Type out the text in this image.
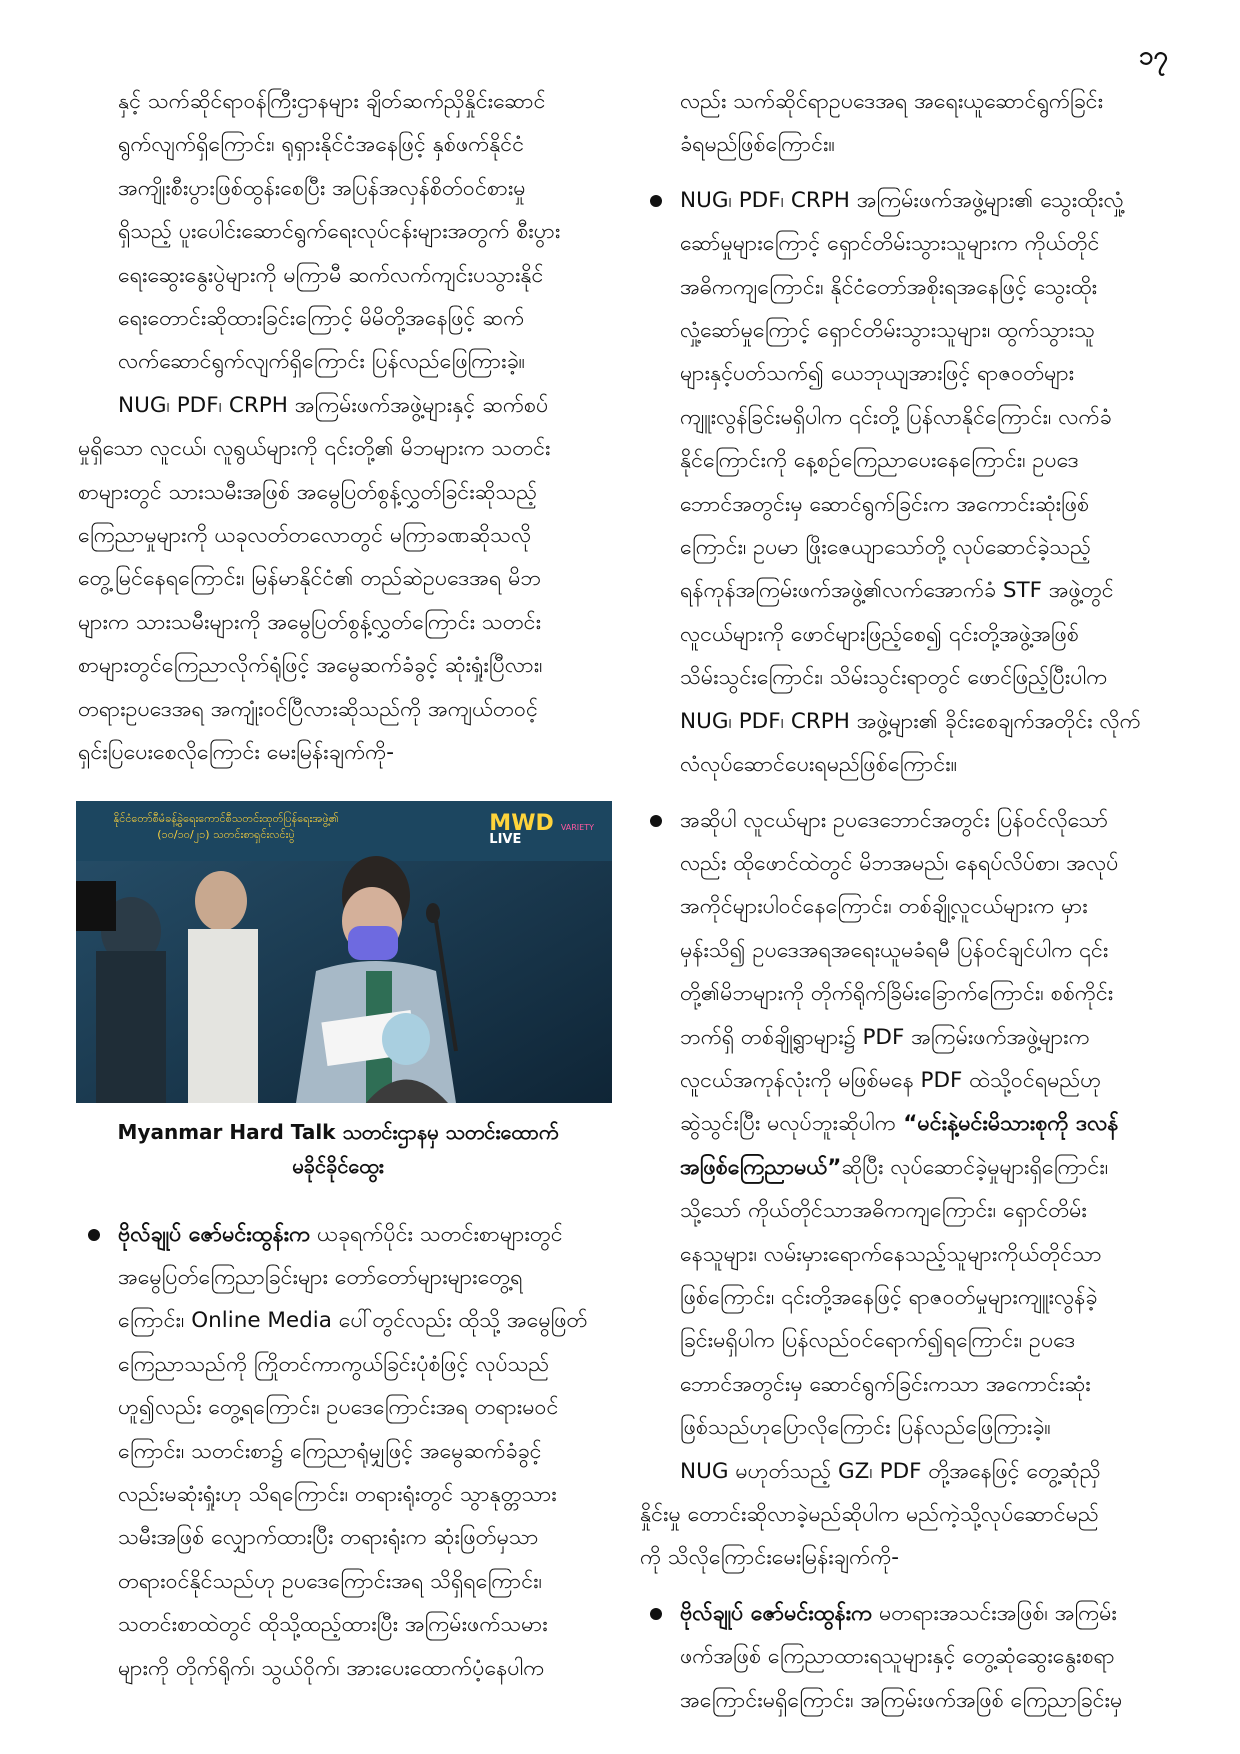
၁၇

နှင့် သက်ဆိုင်ရာဝန်ကြီးဌာနများ ချိတ်ဆက်ညှိနှိုင်းဆောင်
ရွက်လျက်ရှိကြောင်း၊ ရုရှားနိုင်ငံအနေဖြင့် နှစ်ဖက်နိုင်ငံ
အကျိုးစီးပွားဖြစ်ထွန်းစေပြီး အပြန်အလှန်စိတ်ဝင်စားမှု
ရှိသည့် ပူးပေါင်းဆောင်ရွက်ရေးလုပ်ငန်းများအတွက် စီးပွား
ရေးဆွေးနွေးပွဲများကို မကြာမီ ဆက်လက်ကျင်းပသွားနိုင်
ရေးတောင်းဆိုထားခြင်းကြောင့် မိမိတို့အနေဖြင့် ဆက်
လက်ဆောင်ရွက်လျက်ရှိကြောင်း ပြန်လည်ဖြေကြားခဲ့။

NUG၊ PDF၊ CRPH အကြမ်းဖက်အဖွဲ့များနှင့် ဆက်စပ်
မှုရှိသော လူငယ်၊ လူရွယ်များကို ၎င်းတို့၏ မိဘများက သတင်း
စာများတွင် သားသမီးအဖြစ် အမွေပြတ်စွန့်လွှတ်ခြင်းဆိုသည့်
ကြေညာမှုများကို ယခုလတ်တလောတွင် မကြာခဏဆိုသလို
တွေ့မြင်နေရကြောင်း၊ မြန်မာနိုင်ငံ၏ တည်ဆဲဥပဒေအရ မိဘ
များက သားသမီးများကို အမွေပြတ်စွန့်လွှတ်ကြောင်း သတင်း
စာများတွင်ကြေညာလိုက်ရုံဖြင့် အမွေဆက်ခံခွင့် ဆုံးရှုံးပြီလား၊
တရားဥပဒေအရ အကျုံးဝင်ပြီလားဆိုသည်ကို အကျယ်တဝင့်
ရှင်းပြပေးစေလိုကြောင်း မေးမြန်းချက်ကို-

နိုင်ငံတော်စီမံခန့်ခွဲရေးကောင်စီသတင်းထုတ်ပြန်ရေးအဖွဲ့၏
(၁၀/၁၀/၂၁) သတင်းစာရှင်းလင်းပွဲ	MWD VARIETY
LIVE
Myanmar Hard Talk သတင်းဌာနမှ သတင်းထောက်
မခိုင်ခိုင်ထွေး

ဗိုလ်ချုပ် ဇော်မင်းထွန်းက ယခုရက်ပိုင်း သတင်းစာများတွင်
အမွေပြတ်ကြေညာခြင်းများ တော်တော်များများတွေ့ရ
ကြောင်း၊ Online Media ပေါ်တွင်လည်း ထိုသို့ အမွေဖြတ်
ကြေညာသည်ကို ကြိုတင်ကာကွယ်ခြင်းပုံစံဖြင့် လုပ်သည်
ဟူ၍လည်း တွေ့ရကြောင်း၊ ဥပဒေကြောင်းအရ တရားမဝင်
ကြောင်း၊ သတင်းစာ၌ ကြေညာရုံမျှဖြင့် အမွေဆက်ခံခွင့်
လည်းမဆုံးရှုံးဟု သိရကြောင်း၊ တရားရုံးတွင် သွာနုတ္တသား
သမီးအဖြစ် လျှောက်ထားပြီး တရားရုံးက ဆုံးဖြတ်မှသာ
တရားဝင်နိုင်သည်ဟု ဥပဒေကြောင်းအရ သိရှိရကြောင်း၊
သတင်းစာထဲတွင် ထိုသို့ထည့်ထားပြီး အကြမ်းဖက်သမား
များကို တိုက်ရိုက်၊ သွယ်ဝိုက်၊ အားပေးထောက်ပံ့နေပါက

လည်း သက်ဆိုင်ရာဥပဒေအရ အရေးယူဆောင်ရွက်ခြင်း
ခံရမည်ဖြစ်ကြောင်း။

NUG၊ PDF၊ CRPH အကြမ်းဖက်အဖွဲ့များ၏ သွေးထိုးလှုံ့
ဆော်မှုများကြောင့် ရှောင်တိမ်းသွားသူများက ကိုယ်တိုင်
အဓိကကျကြောင်း၊ နိုင်ငံတော်အစိုးရအနေဖြင့် သွေးထိုး
လှုံ့ဆော်မှုကြောင့် ရှောင်တိမ်းသွားသူများ၊ ထွက်သွားသူ
များနှင့်ပတ်သက်၍ ယေဘုယျအားဖြင့် ရာဇဝတ်များ
ကျူးလွန်ခြင်းမရှိပါက ၎င်းတို့ ပြန်လာနိုင်ကြောင်း၊ လက်ခံ
နိုင်ကြောင်းကို နေ့စဉ်ကြေညာပေးနေကြောင်း၊ ဥပဒေ
ဘောင်အတွင်းမှ ဆောင်ရွက်ခြင်းက အကောင်းဆုံးဖြစ်
ကြောင်း၊ ဥပမာ ဖြိုးဇေယျာသော်တို့ လုပ်ဆောင်ခဲ့သည့်
ရန်ကုန်အကြမ်းဖက်အဖွဲ့၏လက်အောက်ခံ STF အဖွဲ့တွင်
လူငယ်များကို ဖောင်များဖြည့်စေ၍ ၎င်းတို့အဖွဲ့အဖြစ်
သိမ်းသွင်းကြောင်း၊ သိမ်းသွင်းရာတွင် ဖောင်ဖြည့်ပြီးပါက
NUG၊ PDF၊ CRPH အဖွဲ့များ၏ ခိုင်းစေချက်အတိုင်း လိုက်
လံလုပ်ဆောင်ပေးရမည်ဖြစ်ကြောင်း။

အဆိုပါ လူငယ်များ ဥပဒေဘောင်အတွင်း ပြန်ဝင်လိုသော်
လည်း ထိုဖောင်ထဲတွင် မိဘအမည်၊ နေရပ်လိပ်စာ၊ အလုပ်
အကိုင်များပါဝင်နေကြောင်း၊ တစ်ချို့လူငယ်များက မှား
မှန်းသိ၍ ဥပဒေအရအရေးယူမခံရမီ ပြန်ဝင်ချင်ပါက ၎င်း
တို့၏မိဘများကို တိုက်ရိုက်ခြိမ်းခြောက်ကြောင်း၊ စစ်ကိုင်း
ဘက်ရှိ တစ်ချို့ရွာများ၌ PDF အကြမ်းဖက်အဖွဲ့များက
လူငယ်အကုန်လုံးကို မဖြစ်မနေ PDF ထဲသို့ဝင်ရမည်ဟု
ဆွဲသွင်းပြီး မလုပ်ဘူးဆိုပါက “မင်းနဲ့မင်းမိသားစုကို ဒလန်
အဖြစ်ကြေညာမယ်”ဆိုပြီး လုပ်ဆောင်ခဲ့မှုများရှိကြောင်း၊
သို့သော် ကိုယ်တိုင်သာအဓိကကျကြောင်း၊ ရှောင်တိမ်း
နေသူများ၊ လမ်းမှားရောက်နေသည့်သူများကိုယ်တိုင်သာ
ဖြစ်ကြောင်း၊ ၎င်းတို့အနေဖြင့် ရာဇဝတ်မှုများကျူးလွန်ခဲ့
ခြင်းမရှိပါက ပြန်လည်ဝင်ရောက်၍ရကြောင်း၊ ဥပဒေ
ဘောင်အတွင်းမှ ဆောင်ရွက်ခြင်းကသာ အကောင်းဆုံး
ဖြစ်သည်ဟုပြောလိုကြောင်း ပြန်လည်ဖြေကြားခဲ့။

NUG မဟုတ်သည့် GZ၊ PDF တို့အနေဖြင့် တွေ့ဆုံညှိ
နှိုင်းမှု တောင်းဆိုလာခဲ့မည်ဆိုပါက မည်ကဲ့သို့လုပ်ဆောင်မည်
ကို သိလိုကြောင်းမေးမြန်းချက်ကို-

ဗိုလ်ချုပ် ဇော်မင်းထွန်းက မတရားအသင်းအဖြစ်၊ အကြမ်း
ဖက်အဖြစ် ကြေညာထားရသူများနှင့် တွေ့ဆုံဆွေးနွေးစရာ
အကြောင်းမရှိကြောင်း၊ အကြမ်းဖက်အဖြစ် ကြေညာခြင်းမှ
